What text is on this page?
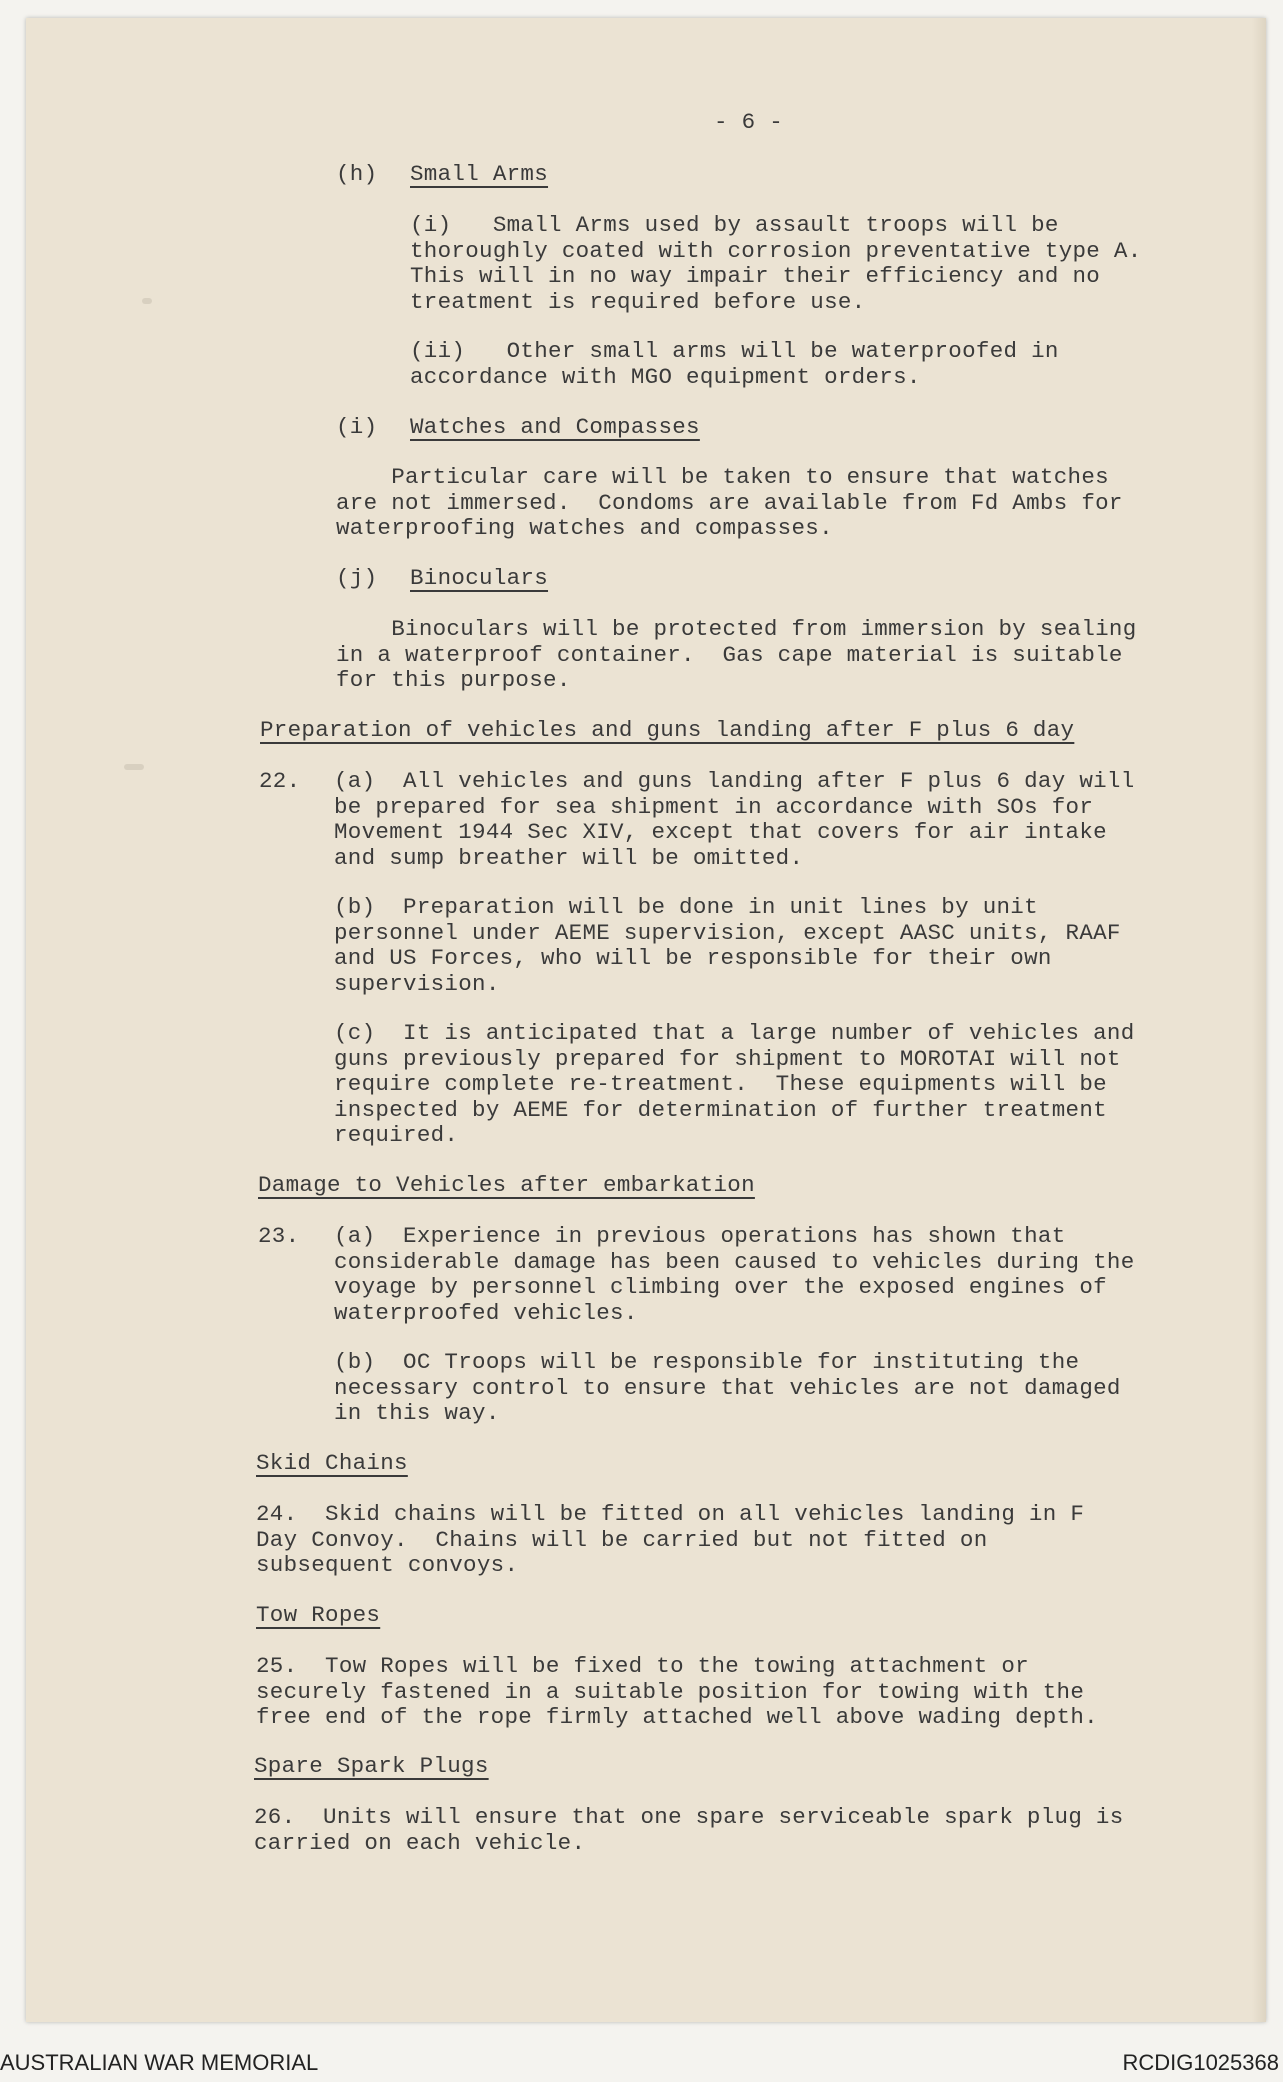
- 6 -
(h) Small Arms
(i)   Small Arms used by assault troops will be
thoroughly coated with corrosion preventative type A.
This will in no way impair their efficiency and no
treatment is required before use.
(ii)   Other small arms will be waterproofed in
accordance with MGO equipment orders.
(i) Watches and Compasses
Particular care will be taken to ensure that watches
are not immersed.  Condoms are available from Fd Ambs for
waterproofing watches and compasses.
(j) Binoculars
Binoculars will be protected from immersion by sealing
in a waterproof container.  Gas cape material is suitable
for this purpose.
Preparation of vehicles and guns landing after F plus 6 day
22. (a)  All vehicles and guns landing after F plus 6 day will
be prepared for sea shipment in accordance with SOs for
Movement 1944 Sec XIV, except that covers for air intake
and sump breather will be omitted.
(b)  Preparation will be done in unit lines by unit
personnel under AEME supervision, except AASC units, RAAF
and US Forces, who will be responsible for their own
supervision.
(c)  It is anticipated that a large number of vehicles and
guns previously prepared for shipment to MOROTAI will not
require complete re-treatment.  These equipments will be
inspected by AEME for determination of further treatment
required.
Damage to Vehicles after embarkation
23. (a)  Experience in previous operations has shown that
considerable damage has been caused to vehicles during the
voyage by personnel climbing over the exposed engines of
waterproofed vehicles.
(b)  OC Troops will be responsible for instituting the
necessary control to ensure that vehicles are not damaged
in this way.
Skid Chains
24.  Skid chains will be fitted on all vehicles landing in F
Day Convoy.  Chains will be carried but not fitted on
subsequent convoys.
Tow Ropes
25.  Tow Ropes will be fixed to the towing attachment or
securely fastened in a suitable position for towing with the
free end of the rope firmly attached well above wading depth.
Spare Spark Plugs
26.  Units will ensure that one spare serviceable spark plug is
carried on each vehicle.
AUSTRALIAN WAR MEMORIAL	RCDIG1025368
